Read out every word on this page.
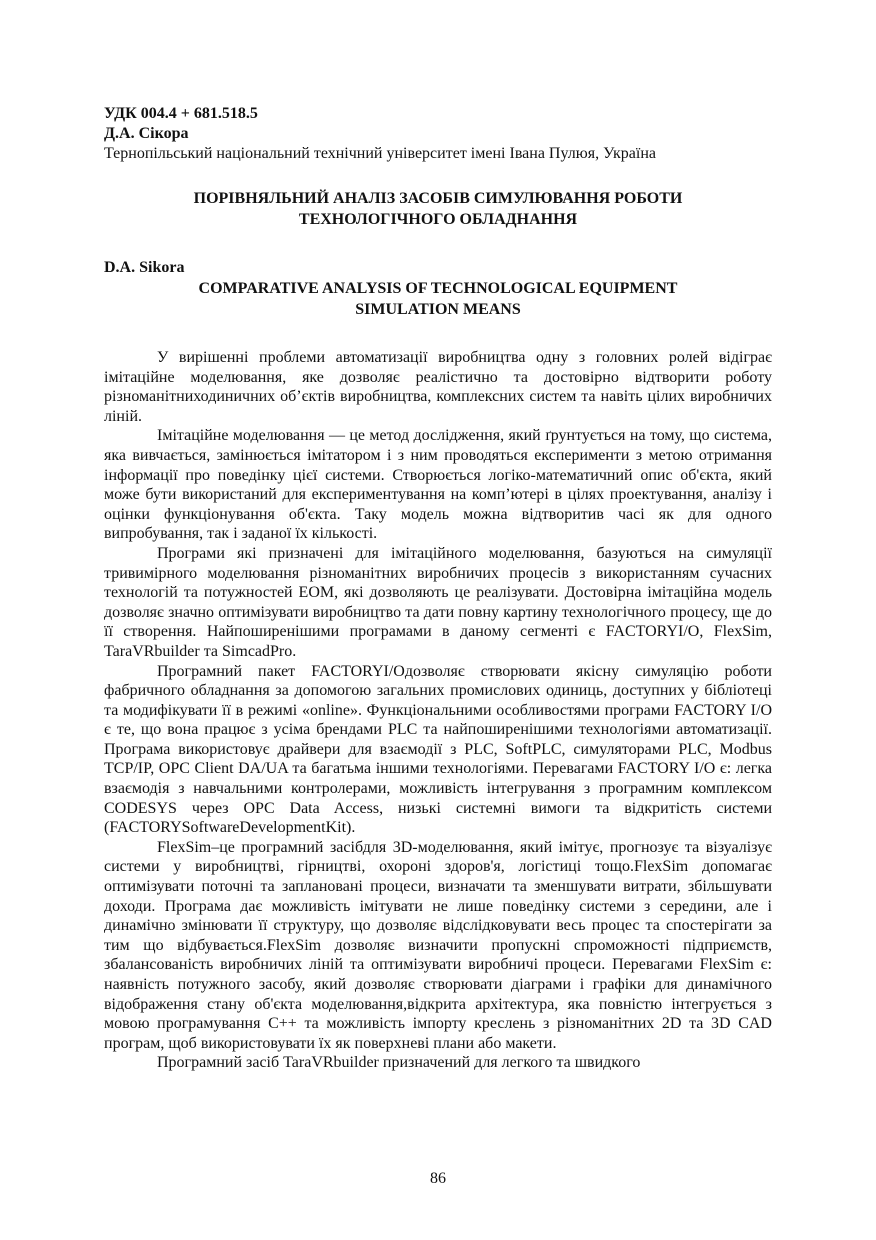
УДК 004.4 + 681.518.5

Д.А. Сікора

Тернопільський національний технічний університет імені Івана Пулюя, Україна

ПОРІВНЯЛЬНИЙ АНАЛІЗ ЗАСОБІВ СИМУЛЮВАННЯ РОБОТИ

ТЕХНОЛОГІЧНОГО ОБЛАДНАННЯ

D.A. Sikora

COMPARATIVE ANALYSIS OF TECHNOLOGICAL EQUIPMENT

SIMULATION MEANS

У вирішенні проблеми автоматизації виробництва одну з головних ролей відіграє імітаційне моделювання, яке дозволяє реалістично та достовірно відтворити роботу різноманітниходиничних об’єктів виробництва, комплексних систем та навіть цілих виробничих ліній.

Імітаційне моделювання — це метод дослідження, який ґрунтується на тому, що система, яка вивчається, замінюється імітатором і з ним проводяться експерименти з метою отримання інформації про поведінку цієї системи. Створюється логіко-математичний опис об'єкта, який може бути використаний для експериментування на комп’ютері в цілях проектування, аналізу і оцінки функціонування об'єкта. Таку модель можна відтворитив часі як для одного випробування, так і заданої їх кількості.

Програми які призначені для імітаційного моделювання, базуються на симуляції тривимірного моделювання різноманітних виробничих процесів з використанням сучасних технологій та потужностей ЕОМ, які дозволяють це реалізувати. Достовірна імітаційна модель дозволяє значно оптимізувати виробництво та дати повну картину технологічного процесу, ще до її створення. Найпоширенішими програмами в даному сегменті є FACTORYI/O, FlexSim, TaraVRbuilder та SimcadPro.

Програмний пакет FACTORYI/Oдозволяє створювати якісну симуляцію роботи фабричного обладнання за допомогою загальних промислових одиниць, доступних у бібліотеці та модифікувати її в режимі «online». Функціональними особливостями програми FACTORY I/O є те, що вона працює з усіма брендами PLC та найпоширенішими технологіями автоматизації. Програма використовує драйвери для взаємодії з PLC, SoftPLC, симуляторами PLC, Modbus TCP/IP, OPC Client DA/UA та багатьма іншими технологіями. Перевагами FACTORY I/O є: легка взаємодія з навчальними контролерами, можливість інтегрування з програмним комплексом CODESYS через OPC Data Access, низькі системні вимоги та відкритість системи (FACTORYSoftwareDevelopmentKit).

FlexSim–це програмний засібдля 3D-моделювання, який імітує, прогнозує та візуалізує системи у виробництві, гірництві, охороні здоров'я, логістиці тощо.FlexSim допомагає оптимізувати поточні та заплановані процеси, визначати та зменшувати витрати, збільшувати доходи. Програма дає можливість імітувати не лише поведінку системи з середини, але і динамічно змінювати її структуру, що дозволяє відслідковувати весь процес та спостерігати за тим що відбувається.FlexSim дозволяє визначити пропускні спроможності підприємств, збалансованість виробничих ліній та оптимізувати виробничі процеси. Перевагами FlexSim є: наявність потужного засобу, який дозволяє створювати діаграми і графіки для динамічного відображення стану об'єкта моделювання,відкрита архітектура, яка повністю інтегрується з мовою програмування C++ та можливість імпорту креслень з різноманітних 2D та 3D CAD програм, щоб використовувати їх як поверхневі плани або макети.

Програмний засіб TaraVRbuilder призначений для легкого та швидкого

86
